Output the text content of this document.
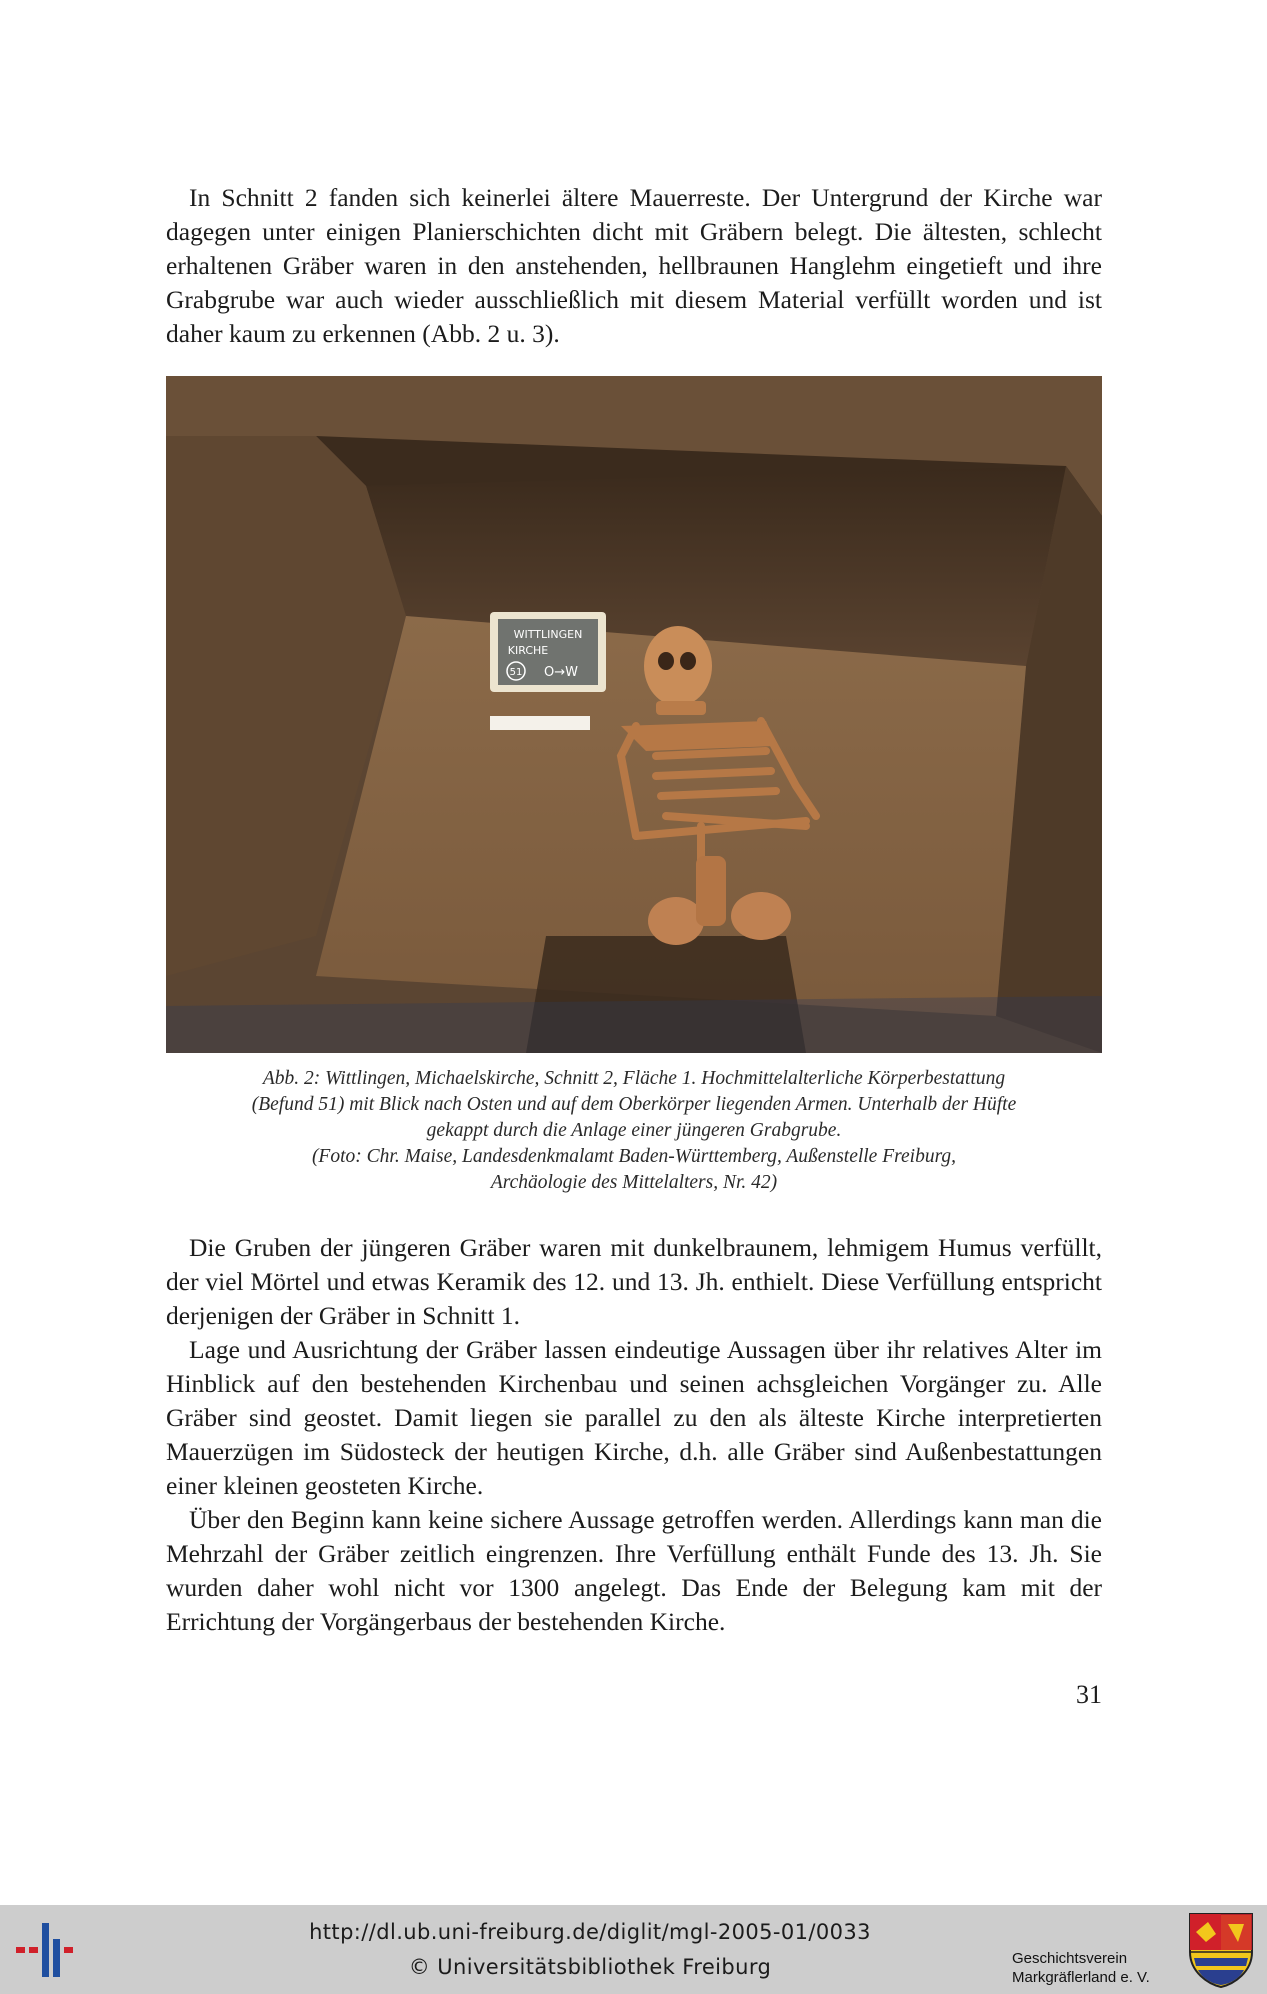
In Schnitt 2 fanden sich keinerlei ältere Mauerreste. Der Untergrund der Kirche war dagegen unter einigen Planierschichten dicht mit Gräbern belegt. Die ältesten, schlecht erhaltenen Gräber waren in den anstehenden, hellbraunen Hanglehm eingetieft und ihre Grabgrube war auch wieder ausschließlich mit diesem Material verfüllt worden und ist daher kaum zu erkennen (Abb. 2 u. 3).

WITTLINGEN
KIRCHE
51 O→W
Abb. 2: Wittlingen, Michaelskirche, Schnitt 2, Fläche 1. Hochmittelalterliche Körperbestattung
(Befund 51) mit Blick nach Osten und auf dem Oberkörper liegenden Armen. Unterhalb der Hüfte
gekappt durch die Anlage einer jüngeren Grabgrube.
(Foto: Chr. Maise, Landesdenkmalamt Baden-Württemberg, Außenstelle Freiburg,
Archäologie des Mittelalters, Nr. 42)

Die Gruben der jüngeren Gräber waren mit dunkelbraunem, lehmigem Humus verfüllt, der viel Mörtel und etwas Keramik des 12. und 13. Jh. enthielt. Diese Verfüllung entspricht derjenigen der Gräber in Schnitt 1.

Lage und Ausrichtung der Gräber lassen eindeutige Aussagen über ihr relatives Alter im Hinblick auf den bestehenden Kirchenbau und seinen achsgleichen Vorgänger zu. Alle Gräber sind geostet. Damit liegen sie parallel zu den als älteste Kirche interpretierten Mauerzügen im Südosteck der heutigen Kirche, d.h. alle Gräber sind Außenbestattungen einer kleinen geosteten Kirche.

Über den Beginn kann keine sichere Aussage getroffen werden. Allerdings kann man die Mehrzahl der Gräber zeitlich eingrenzen. Ihre Verfüllung enthält Funde des 13. Jh. Sie wurden daher wohl nicht vor 1300 angelegt. Das Ende der Belegung kam mit der Errichtung der Vorgängerbaus der bestehenden Kirche.

31
http://dl.ub.uni-freiburg.de/diglit/mgl-2005-01/0033
© Universitätsbibliothek Freiburg	Geschichtsverein
Markgräflerland e. V.
